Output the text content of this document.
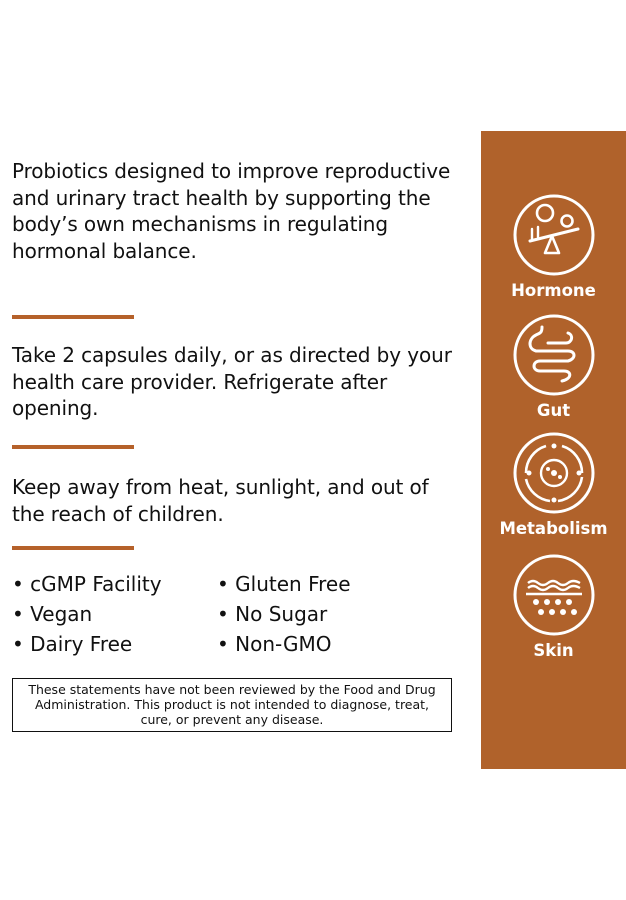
Probiotics designed to improve reproductive and urinary tract health by supporting the body’s own mechanisms in regulating hormonal balance.

Take 2 capsules daily, or as directed by your health care provider. Refrigerate after opening.

Keep away from heat, sunlight, and out of the reach of children.

• cGMP Facility	• Gluten Free
• Vegan	• No Sugar
• Dairy Free	• Non-GMO
These statements have not been reviewed by the Food and Drug Administration. This product is not intended to diagnose, treat, cure, or prevent any disease.
Hormone
Gut
Metabolism
Skin
